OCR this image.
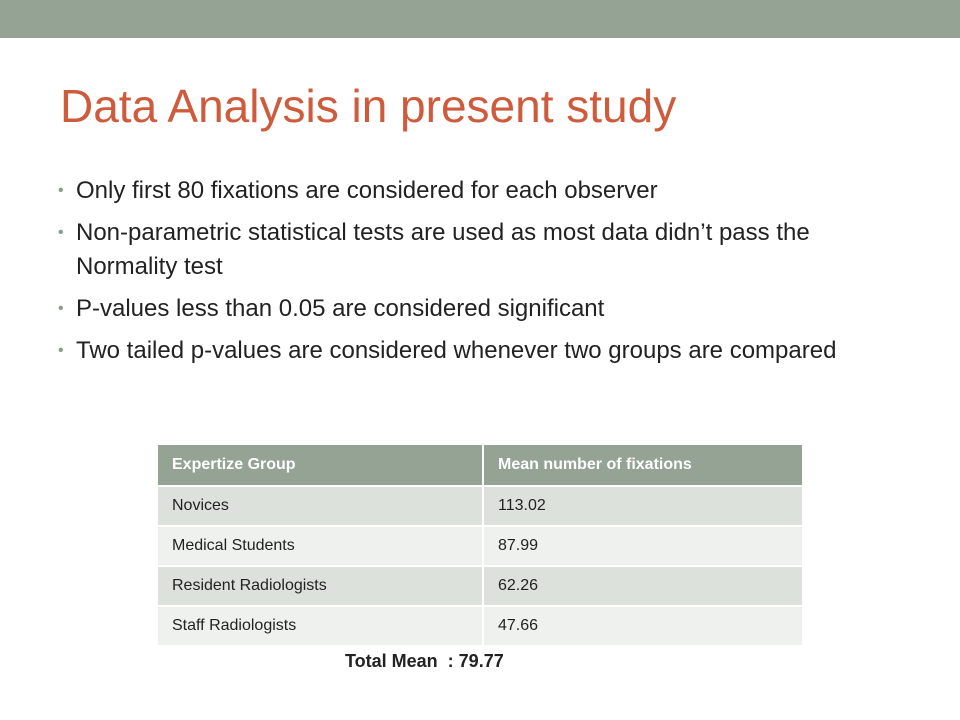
Data Analysis in present study
• Only first 80 fixations are considered for each observer
• Non-parametric statistical tests are used as most data didn’t pass the Normality test
• P-values less than 0.05 are considered significant
• Two tailed p-values are considered whenever two groups are compared
Expertize Group	Mean number of fixations
Novices	113.02
Medical Students	87.99
Resident Radiologists	62.26
Staff Radiologists	47.66
Total Mean  : 79.77
